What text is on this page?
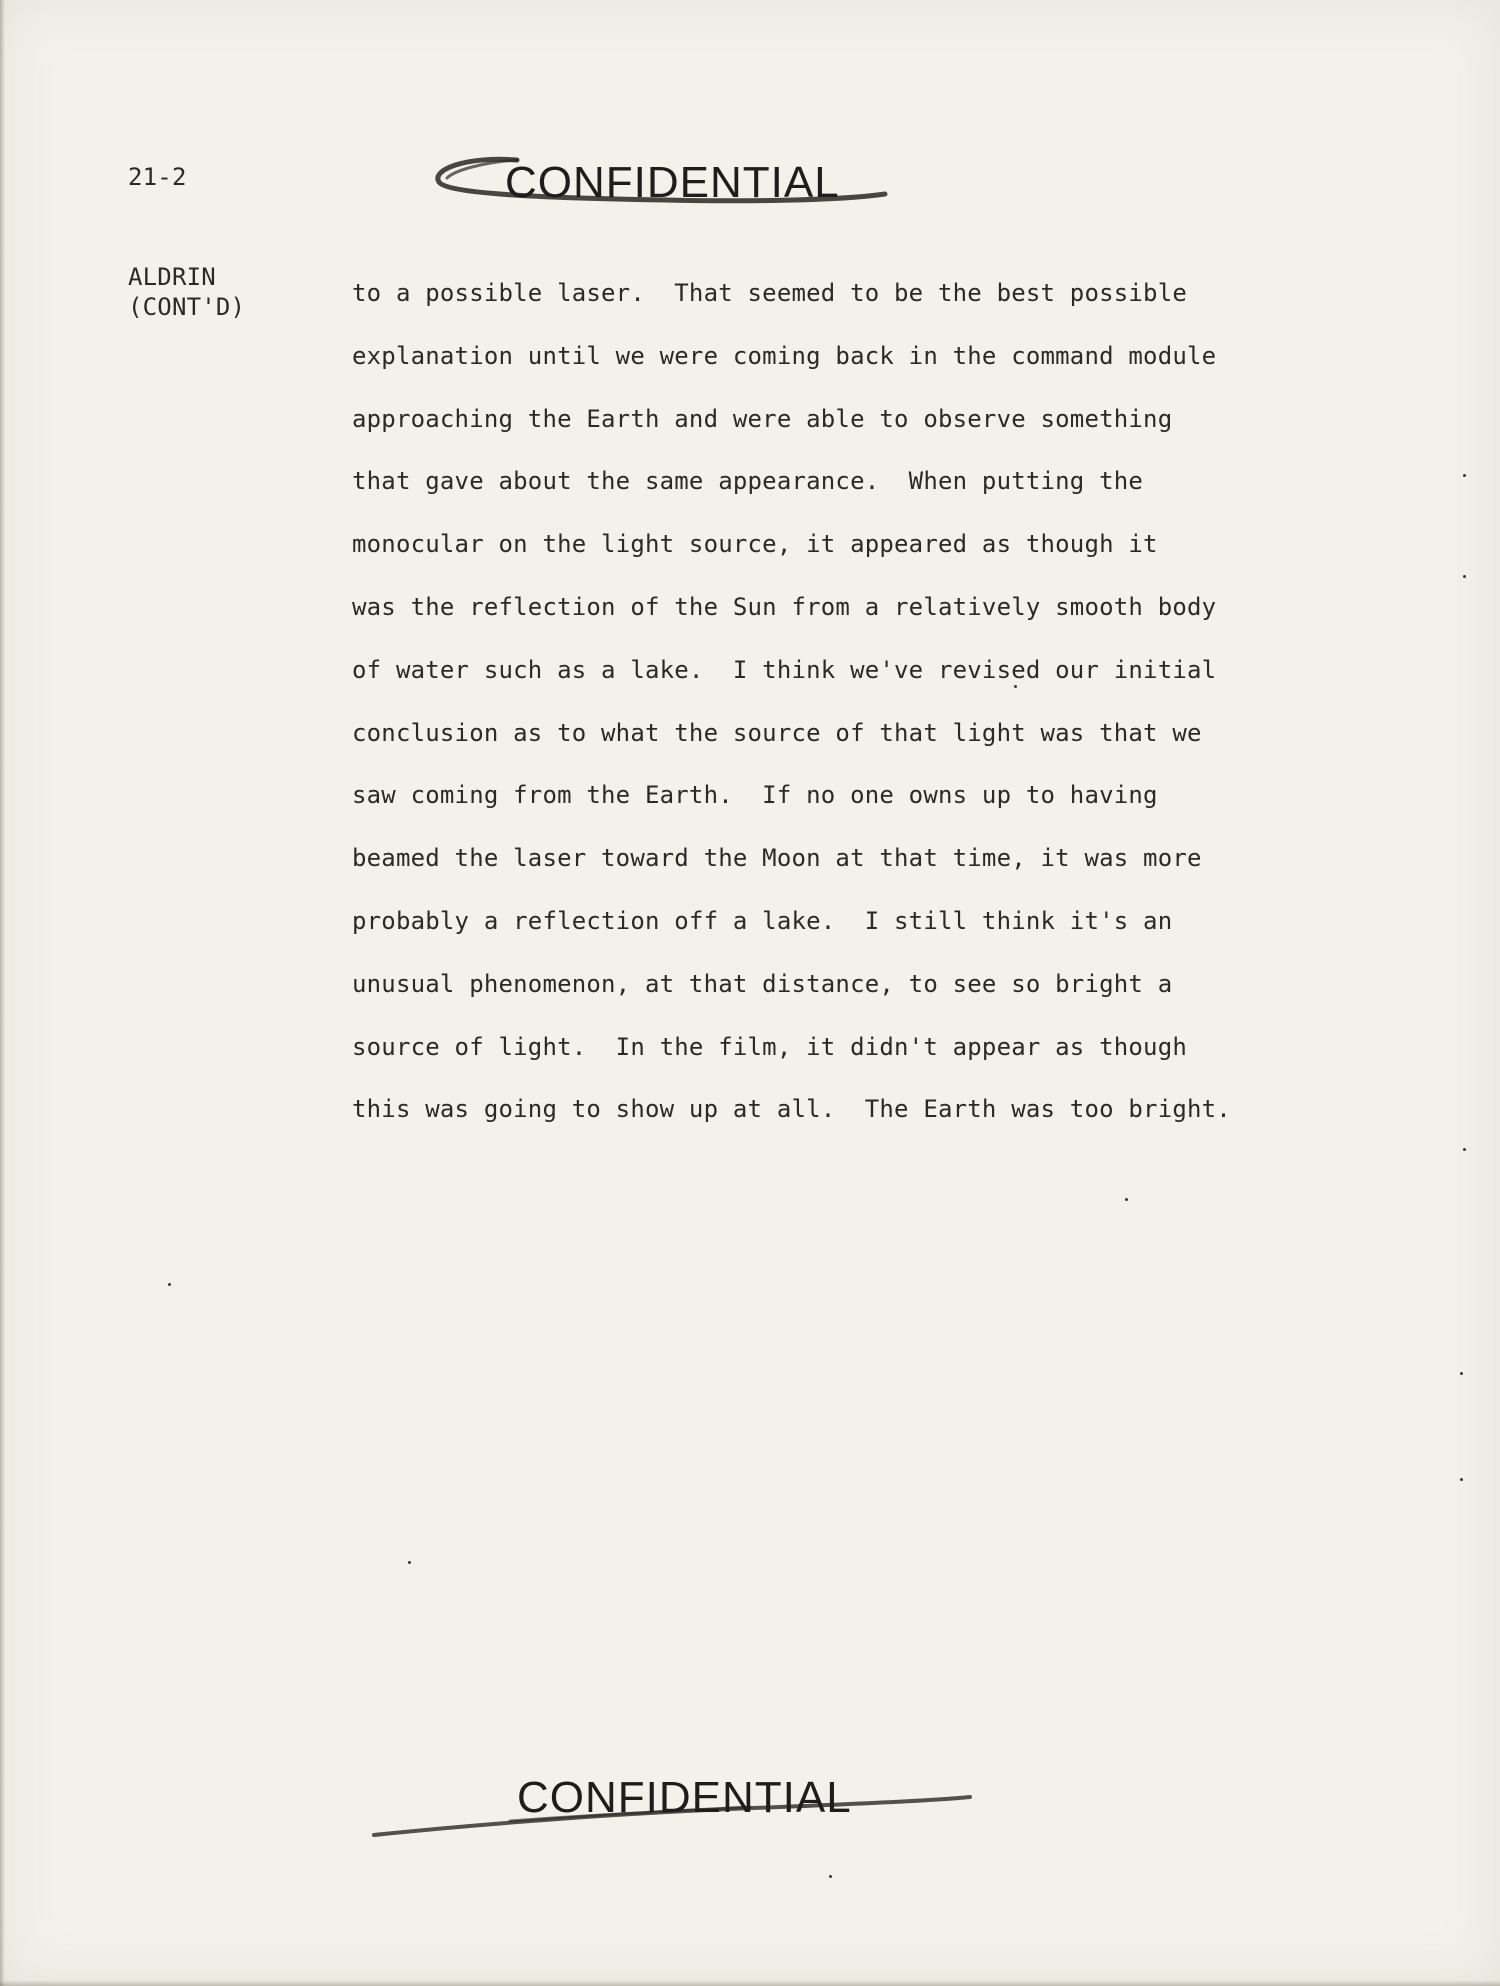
21-2	CONFIDENTIAL
ALDRIN
(CONT'D)	to a possible laser.  That seemed to be the best possible
explanation until we were coming back in the command module
approaching the Earth and were able to observe something
that gave about the same appearance.  When putting the
monocular on the light source, it appeared as though it
was the reflection of the Sun from a relatively smooth body
of water such as a lake.  I think we've revised our initial
conclusion as to what the source of that light was that we
saw coming from the Earth.  If no one owns up to having
beamed the laser toward the Moon at that time, it was more
probably a reflection off a lake.  I still think it's an
unusual phenomenon, at that distance, to see so bright a
source of light.  In the film, it didn't appear as though
this was going to show up at all.  The Earth was too bright.
CONFIDENTIAL
